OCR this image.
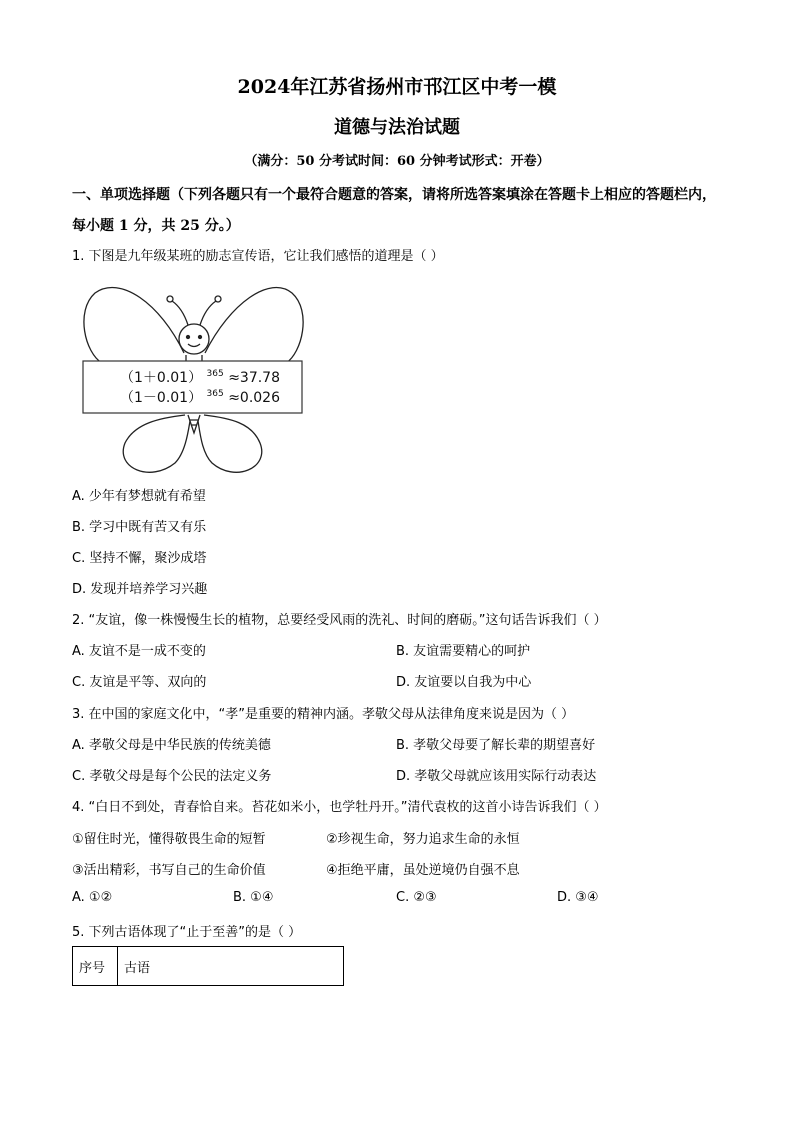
2024年江苏省扬州市邗江区中考一模
道德与法治试题
（满分：50 分考试时间：60 分钟考试形式：开卷）
一、单项选择题（下列各题只有一个最符合题意的答案，请将所选答案填涂在答题卡上相应的答题栏内，每小题 1 分，共 25 分。）
1. 下图是九年级某班的励志宣传语，它让我们感悟的道理是（ ）
（1＋0.01） $^{365}$ ≈37.78
（1－0.01） $^{365}$ ≈0.026
A. 少年有梦想就有希望
B. 学习中既有苦又有乐
C. 坚持不懈，聚沙成塔
D. 发现并培养学习兴趣
2. “友谊，像一株慢慢生长的植物，总要经受风雨的洗礼、时间的磨砺。”这句话告诉我们（ ）
A. 友谊不是一成不变的	B. 友谊需要精心的呵护
C. 友谊是平等、双向的	D. 友谊要以自我为中心
3. 在中国的家庭文化中，“孝”是重要的精神内涵。孝敬父母从法律角度来说是因为（ ）
A. 孝敬父母是中华民族的传统美德	B. 孝敬父母要了解长辈的期望喜好
C. 孝敬父母是每个公民的法定义务	D. 孝敬父母就应该用实际行动表达
4. “白日不到处，青春恰自来。苔花如米小，也学牡丹开。”清代袁枚的这首小诗告诉我们（ ）
①留住时光，懂得敬畏生命的短暂	②珍视生命，努力追求生命的永恒
③活出精彩，书写自己的生命价值	④拒绝平庸，虽处逆境仍自强不息
A. ①②	B. ①④	C. ②③	D. ③④
5. 下列古语体现了“止于至善”的是（ ）
序号	古语
